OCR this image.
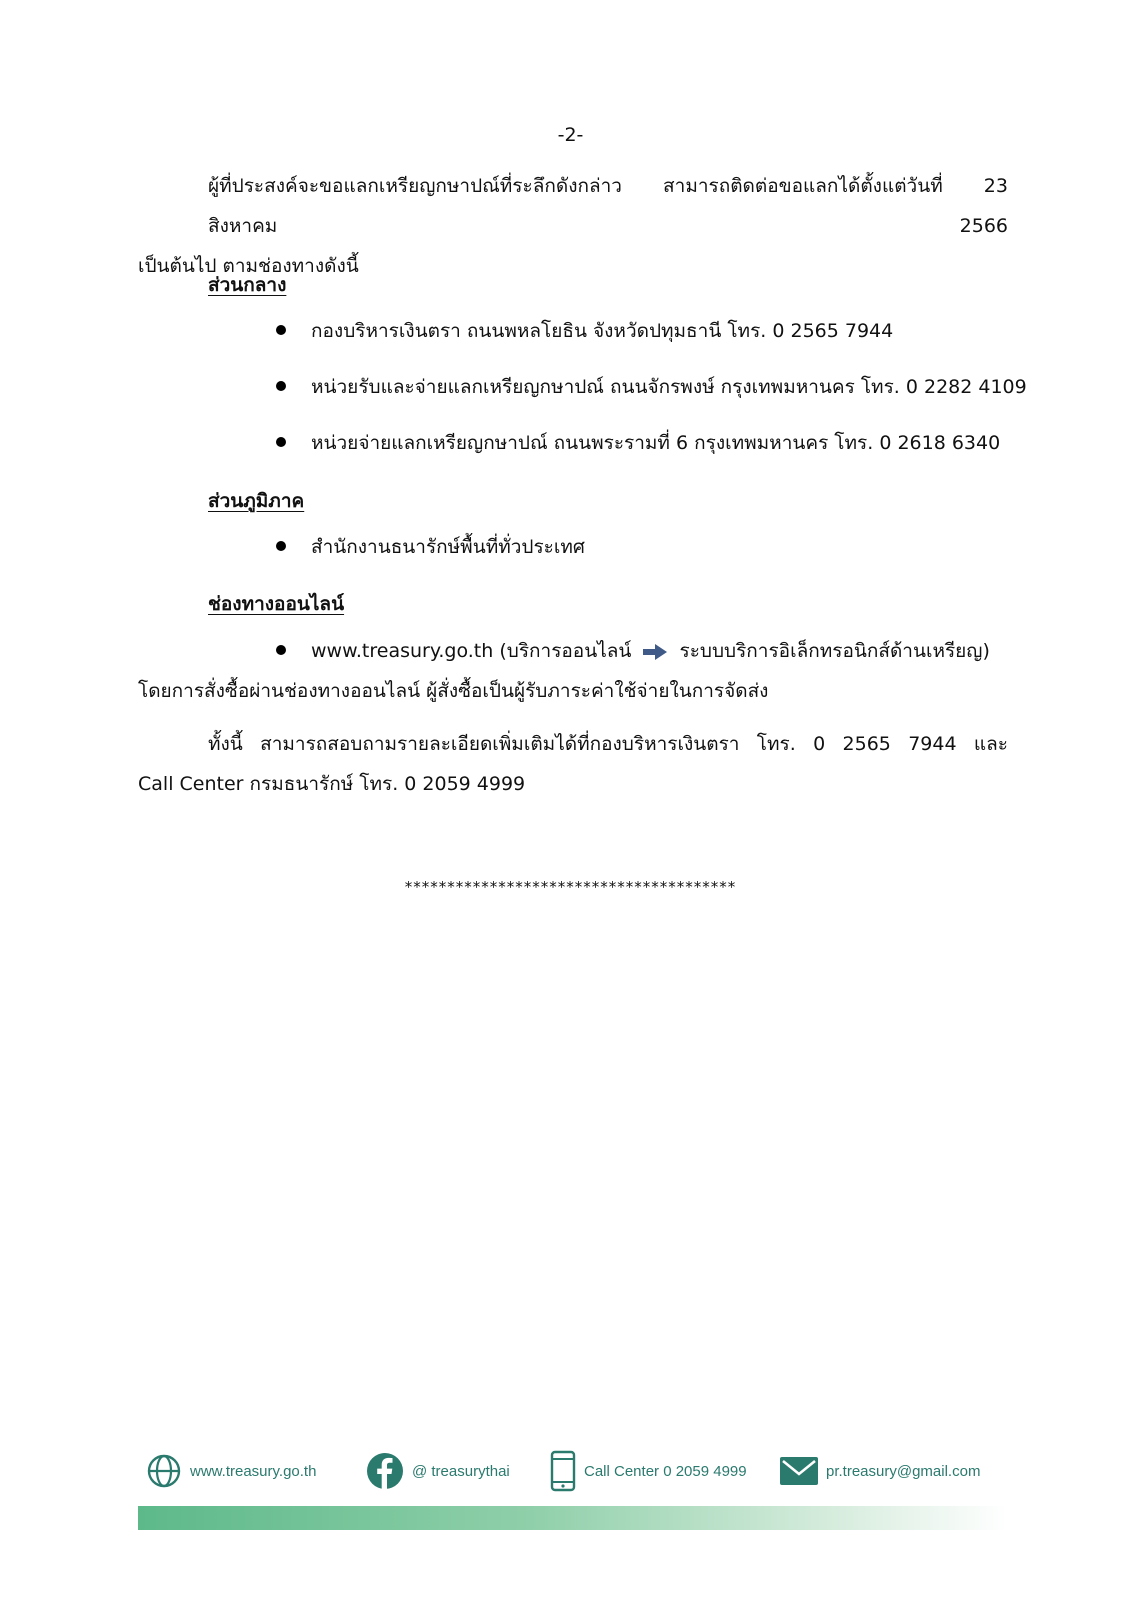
-2-
ผู้ที่ประสงค์จะขอแลกเหรียญกษาปณ์ที่ระลึกดังกล่าว สามารถติดต่อขอแลกได้ตั้งแต่วันที่ 23 สิงหาคม 2566
เป็นต้นไป ตามช่องทางดังนี้
ส่วนกลาง
กองบริหารเงินตรา ถนนพหลโยธิน จังหวัดปทุมธานี โทร. 0 2565 7944
หน่วยรับและจ่ายแลกเหรียญกษาปณ์ ถนนจักรพงษ์ กรุงเทพมหานคร โทร. 0 2282 4109
หน่วยจ่ายแลกเหรียญกษาปณ์ ถนนพระรามที่ 6 กรุงเทพมหานคร โทร. 0 2618 6340
ส่วนภูมิภาค
สำนักงานธนารักษ์พื้นที่ทั่วประเทศ
ช่องทางออนไลน์
www.treasury.go.th (บริการออนไลน์	ระบบบริการอิเล็กทรอนิกส์ด้านเหรียญ)
โดยการสั่งซื้อผ่านช่องทางออนไลน์ ผู้สั่งซื้อเป็นผู้รับภาระค่าใช้จ่ายในการจัดส่ง
ทั้งนี้ สามารถสอบถามรายละเอียดเพิ่มเติมได้ที่กองบริหารเงินตรา โทร. 0 2565 7944 และ
Call Center กรมธนารักษ์ โทร. 0 2059 4999
***************************************
www.treasury.go.th	@ treasurythai	Call Center 0 2059 4999	pr.treasury@gmail.com
